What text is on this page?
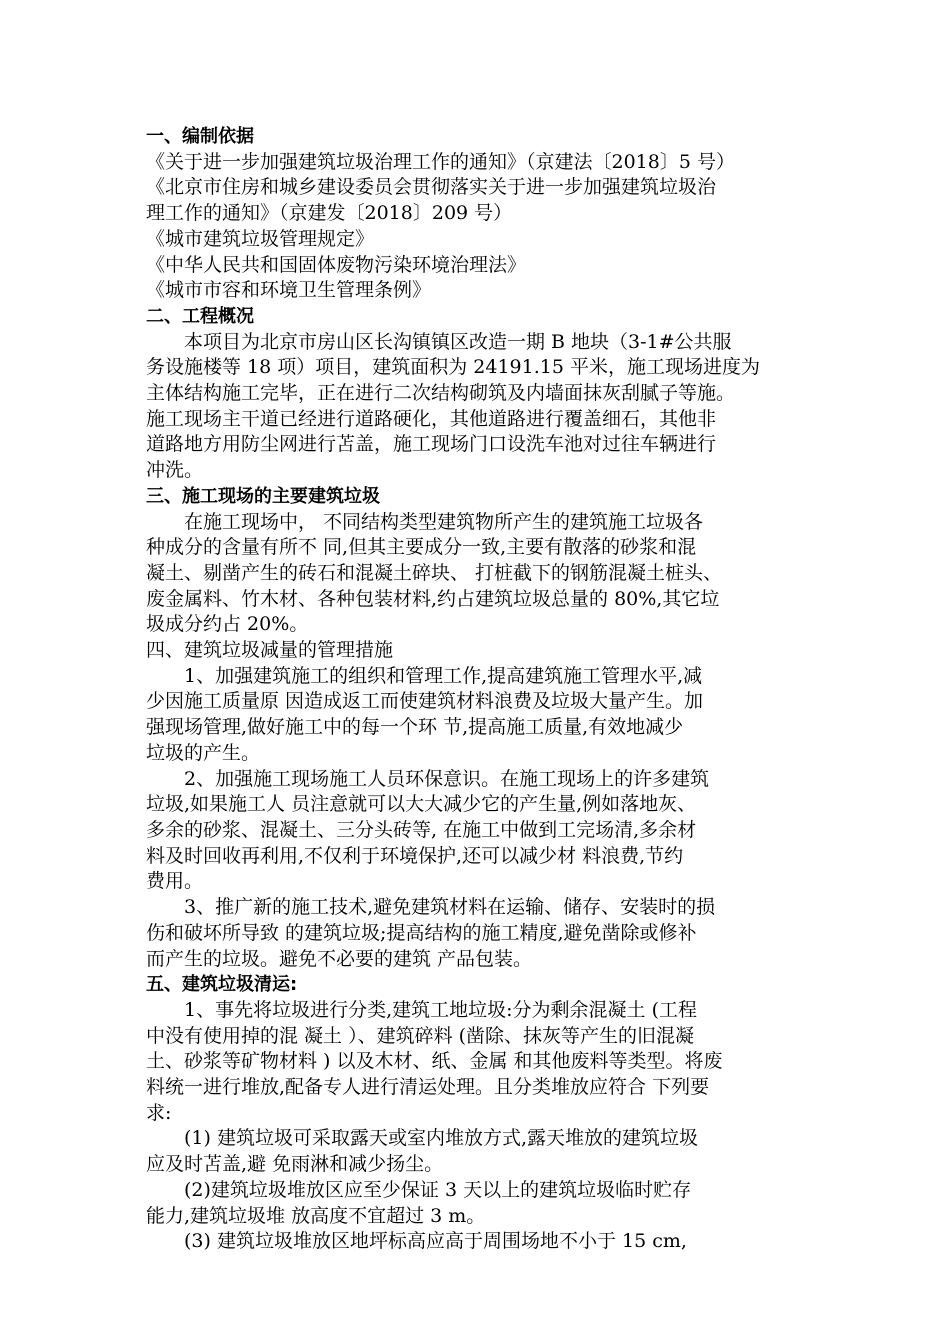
一、编制依据
《关于进一步加强建筑垃圾治理工作的通知》（京建法〔2018〕5 号）
《北京市住房和城乡建设委员会贯彻落实关于进一步加强建筑垃圾治
理工作的通知》（京建发〔2018〕209 号）
《城市建筑垃圾管理规定》
《中华人民共和国固体废物污染环境治理法》
《城市市容和环境卫生管理条例》
二、工程概况
本项目为北京市房山区长沟镇镇区改造一期 B 地块（3-1#公共服
务设施楼等 18 项）项目，建筑面积为 24191.15 平米，施工现场进度为
主体结构施工完毕，正在进行二次结构砌筑及内墙面抹灰刮腻子等施。
施工现场主干道已经进行道路硬化，其他道路进行覆盖细石，其他非
道路地方用防尘网进行苫盖，施工现场门口设洗车池对过往车辆进行
冲洗。
三、施工现场的主要建筑垃圾
在施工现场中， 不同结构类型建筑物所产生的建筑施工垃圾各
种成分的含量有所不 同,但其主要成分一致,主要有散落的砂浆和混
凝土、剔凿产生的砖石和混凝土碎块、 打桩截下的钢筋混凝土桩头、
废金属料、竹木材、各种包装材料,约占建筑垃圾总量的 80%,其它垃
圾成分约占 20%。
四、建筑垃圾减量的管理措施
1、加强建筑施工的组织和管理工作,提高建筑施工管理水平,减
少因施工质量原 因造成返工而使建筑材料浪费及垃圾大量产生。加
强现场管理,做好施工中的每一个环 节,提高施工质量,有效地减少
垃圾的产生。
2、加强施工现场施工人员环保意识。在施工现场上的许多建筑
垃圾,如果施工人 员注意就可以大大减少它的产生量,例如落地灰、
多余的砂浆、混凝土、三分头砖等, 在施工中做到工完场清,多余材
料及时回收再利用,不仅利于环境保护,还可以减少材 料浪费,节约
费用。
3、推广新的施工技术,避免建筑材料在运输、储存、安装时的损
伤和破坏所导致 的建筑垃圾;提高结构的施工精度,避免凿除或修补
而产生的垃圾。避免不必要的建筑 产品包装。
五、建筑垃圾清运:
1、事先将垃圾进行分类,建筑工地垃圾:分为剩余混凝土 (工程
中没有使用掉的混 凝土 ）、建筑碎料 (凿除、抹灰等产生的旧混凝
土、砂浆等矿物材料 ) 以及木材、纸、金属 和其他废料等类型。将废
料统一进行堆放,配备专人进行清运处理。且分类堆放应符合 下列要
求:
(1) 建筑垃圾可采取露天或室内堆放方式,露天堆放的建筑垃圾
应及时苫盖,避 免雨淋和减少扬尘。
(2)建筑垃圾堆放区应至少保证 3 天以上的建筑垃圾临时贮存
能力,建筑垃圾堆 放高度不宜超过 3 m。
(3) 建筑垃圾堆放区地坪标高应高于周围场地不小于 15 cm,
